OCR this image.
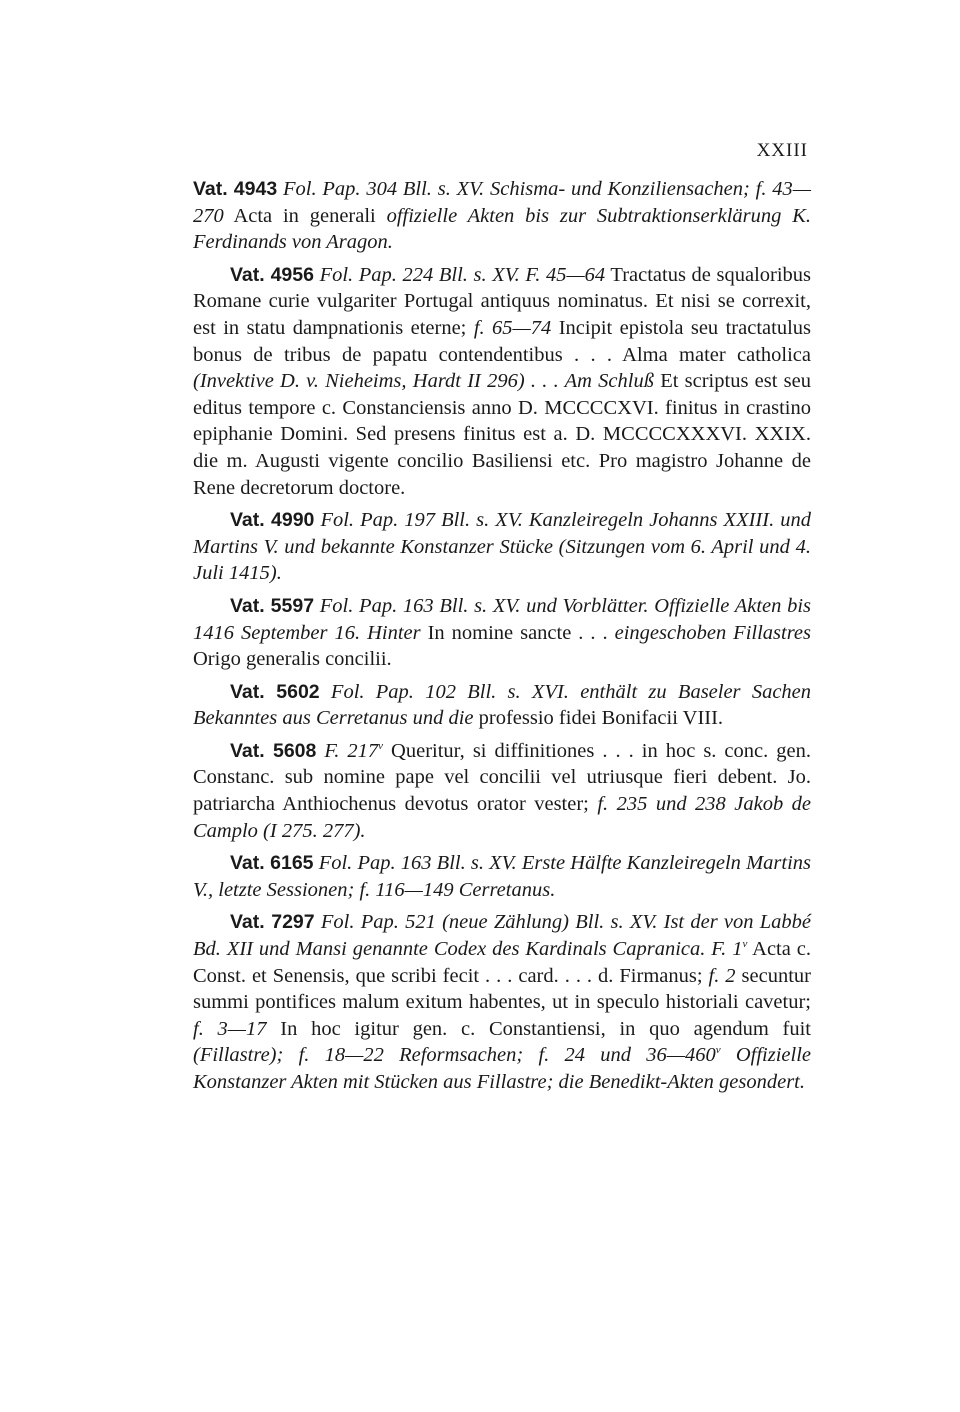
XXIII

Vat. 4943 Fol. Pap. 304 Bll. s. XV. Schisma- und Konziliensachen; f. 43—270 Acta in generali offizielle Akten bis zur Subtraktionserklärung K. Ferdinands von Aragon.

Vat. 4956 Fol. Pap. 224 Bll. s. XV. F. 45—64 Tractatus de squaloribus Romane curie vulgariter Portugal antiquus nominatus. Et nisi se correxit, est in statu dampnationis eterne; f. 65—74 Incipit epistola seu tractatulus bonus de tribus de papatu contendentibus . . . Alma mater catholica (Invektive D. v. Nieheims, Hardt II 296) . . . Am Schluß Et scriptus est seu editus tempore c. Constanciensis anno D. MCCCCXVI. finitus in crastino epiphanie Domini. Sed presens finitus est a. D. MCCCCXXXVI. XXIX. die m. Augusti vigente concilio Basiliensi etc. Pro magistro Johanne de Rene decretorum doctore.

Vat. 4990 Fol. Pap. 197 Bll. s. XV. Kanzleiregeln Johanns XXIII. und Martins V. und bekannte Konstanzer Stücke (Sitzungen vom 6. April und 4. Juli 1415).

Vat. 5597 Fol. Pap. 163 Bll. s. XV. und Vorblätter. Offizielle Akten bis 1416 September 16. Hinter In nomine sancte . . . eingeschoben Fillastres Origo generalis concilii.

Vat. 5602 Fol. Pap. 102 Bll. s. XVI. enthält zu Baseler Sachen Bekanntes aus Cerretanus und die professio fidei Bonifacii VIII.

Vat. 5608 F. 217$^v$ Queritur, si diffinitiones . . . in hoc s. conc. gen. Constanc. sub nomine pape vel concilii vel utriusque fieri debent. Jo. patriarcha Anthiochenus devotus orator vester; f. 235 und 238 Jakob de Camplo (I 275. 277).

Vat. 6165 Fol. Pap. 163 Bll. s. XV. Erste Hälfte Kanzleiregeln Martins V., letzte Sessionen; f. 116—149 Cerretanus.

Vat. 7297 Fol. Pap. 521 (neue Zählung) Bll. s. XV. Ist der von Labbé Bd. XII und Mansi genannte Codex des Kardinals Capranica. F. 1$^v$ Acta c. Const. et Senensis, que scribi fecit . . . card. . . . d. Firmanus; f. 2 secuntur summi pontifices malum exitum habentes, ut in speculo historiali cavetur; f. 3—17 In hoc igitur gen. c. Constantiensi, in quo agendum fuit (Fillastre); f. 18—22 Reformsachen; f. 24 und 36—460$^v$ Offizielle Konstanzer Akten mit Stücken aus Fillastre; die Benedikt-Akten gesondert.
